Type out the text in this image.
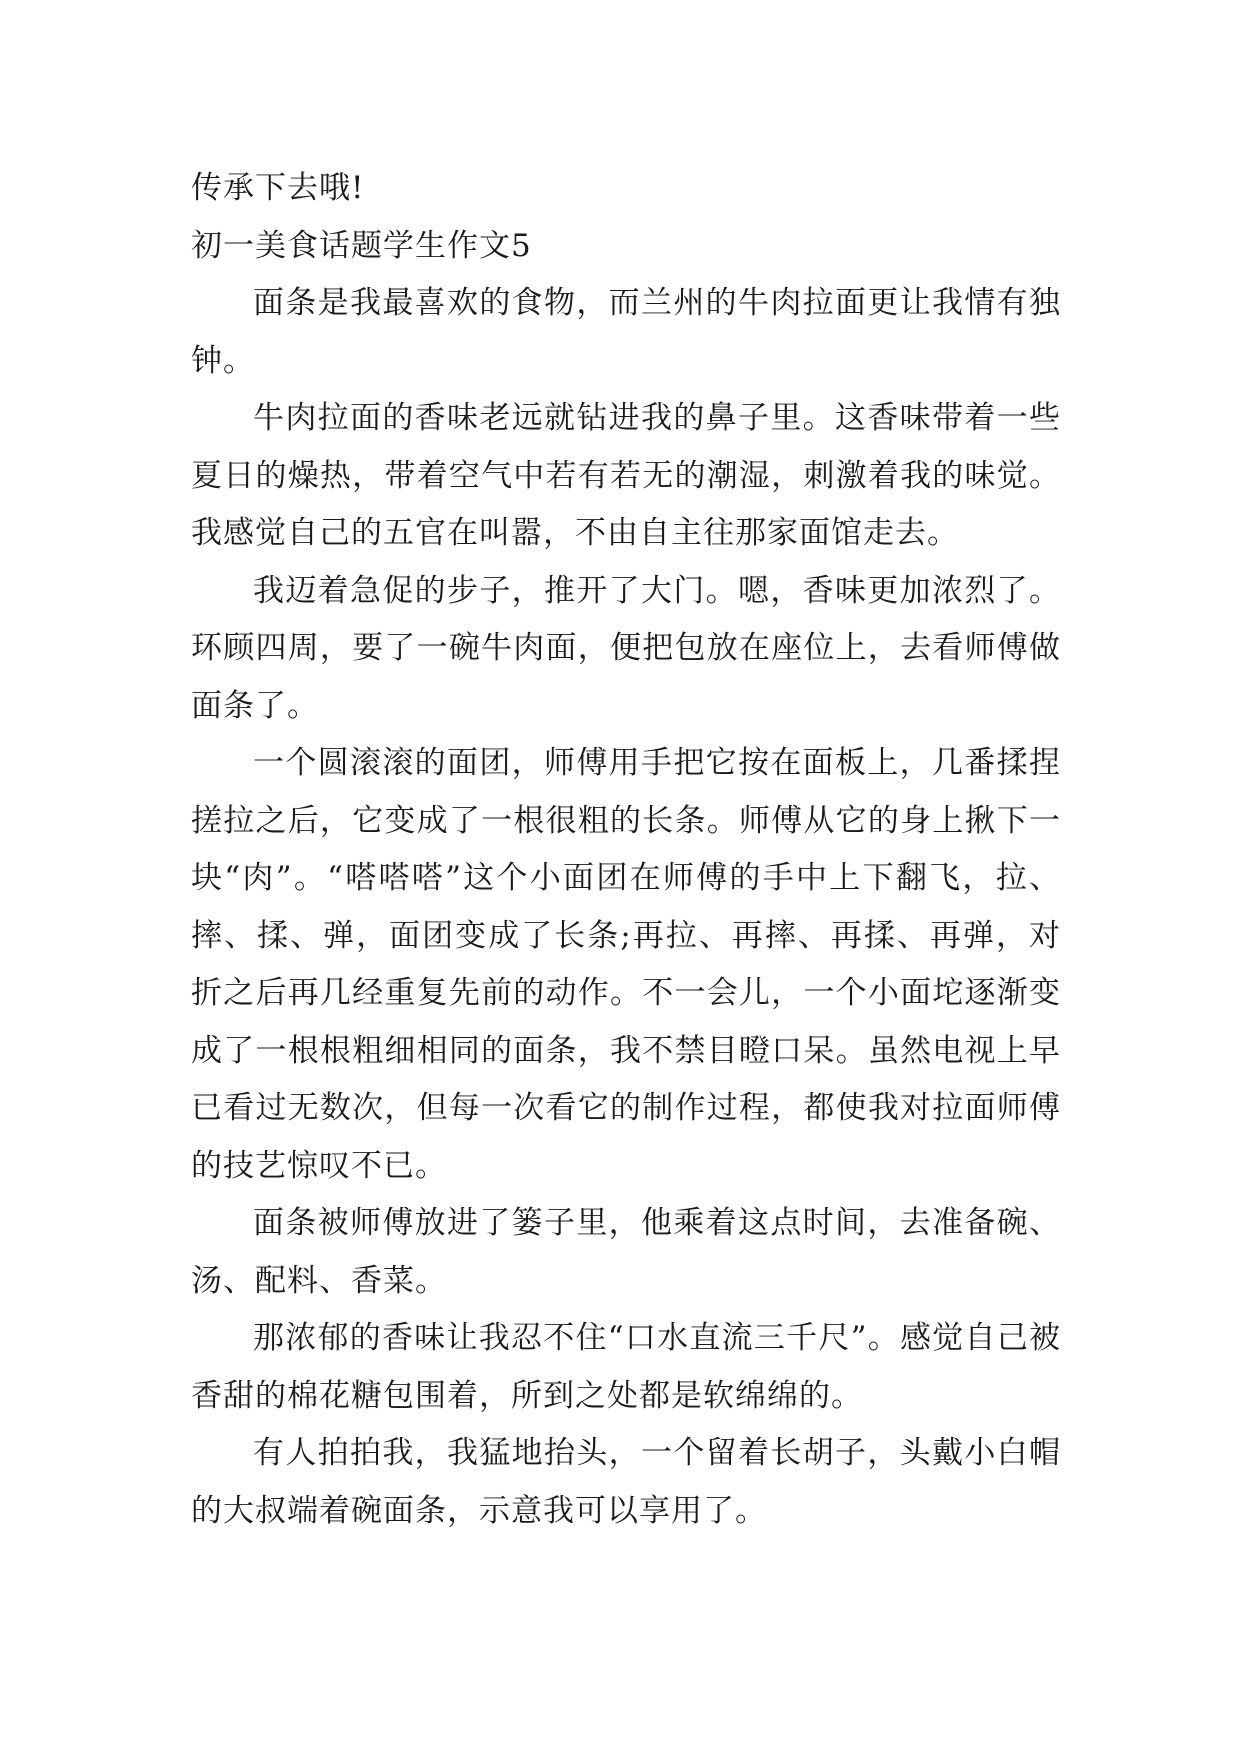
传承下去哦!
初一美食话题学生作文5

面条是我最喜欢的食物，而兰州的牛肉拉面更让我情有独钟。

牛肉拉面的香味老远就钻进我的鼻子里。这香味带着一些夏日的燥热，带着空气中若有若无的潮湿，刺激着我的味觉。我感觉自己的五官在叫嚣，不由自主往那家面馆走去。

我迈着急促的步子，推开了大门。嗯，香味更加浓烈了。环顾四周，要了一碗牛肉面，便把包放在座位上，去看师傅做面条了。

一个圆滚滚的面团，师傅用手把它按在面板上，几番揉捏搓拉之后，它变成了一根很粗的长条。师傅从它的身上揪下一块“肉”。“嗒嗒嗒”这个小面团在师傅的手中上下翻飞，拉、摔、揉、弹，面团变成了长条;再拉、再摔、再揉、再弹，对折之后再几经重复先前的动作。不一会儿，一个小面坨逐渐变成了一根根粗细相同的面条，我不禁目瞪口呆。虽然电视上早已看过无数次，但每一次看它的制作过程，都使我对拉面师傅的技艺惊叹不已。

面条被师傅放进了篓子里，他乘着这点时间，去准备碗、汤、配料、香菜。

那浓郁的香味让我忍不住“口水直流三千尺”。感觉自己被香甜的棉花糖包围着，所到之处都是软绵绵的。

有人拍拍我，我猛地抬头，一个留着长胡子，头戴小白帽的大叔端着碗面条，示意我可以享用了。
